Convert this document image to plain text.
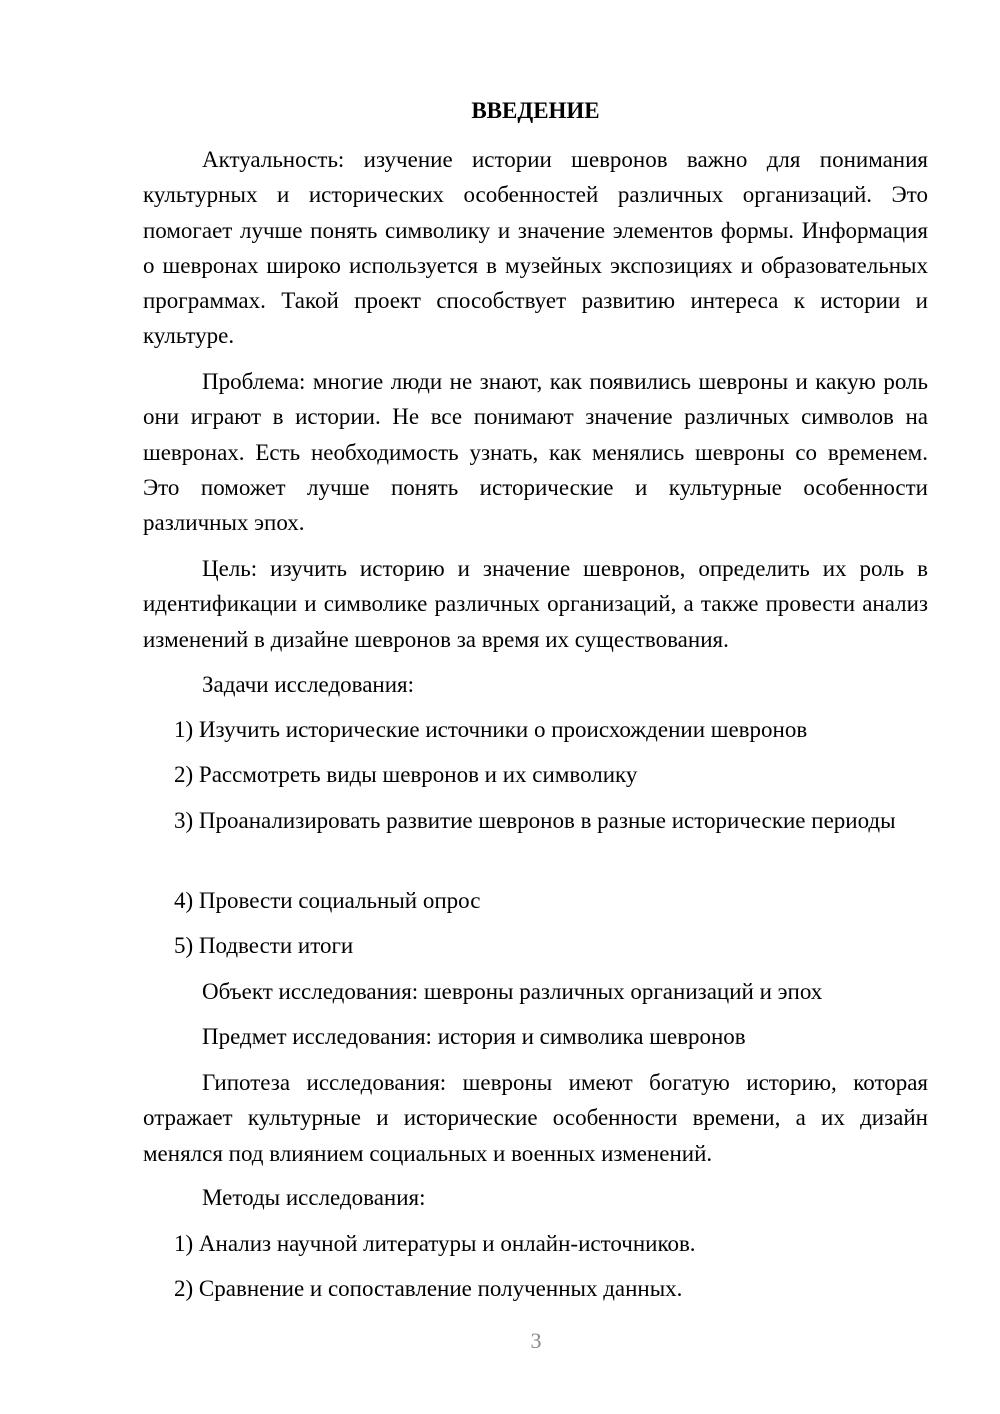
ВВЕДЕНИЕ

Актуальность: изучение истории шевронов важно для понимания культурных и исторических особенностей различных организаций. Это помогает лучше понять символику и значение элементов формы. Информация о шевронах широко используется в музейных экспозициях и образовательных программах. Такой проект способствует развитию интереса к истории и культуре.

Проблема: многие люди не знают, как появились шевроны и какую роль они играют в истории. Не все понимают значение различных символов на шевронах. Есть необходимость узнать, как менялись шевроны со временем. Это поможет лучше понять исторические и культурные особенности различных эпох.

Цель: изучить историю и значение шевронов, определить их роль в идентификации и символике различных организаций, а также провести анализ изменений в дизайне шевронов за время их существования.

Задачи исследования:

1) Изучить исторические источники о происхождении шевронов

2) Рассмотреть виды шевронов и их символику

3) Проанализировать развитие шевронов в разные исторические периоды

4) Провести социальный опрос

5) Подвести итоги

Объект исследования: шевроны различных организаций и эпох

Предмет исследования: история и символика шевронов

Гипотеза исследования: шевроны имеют богатую историю, которая отражает культурные и исторические особенности времени, а их дизайн менялся под влиянием социальных и военных изменений.

Методы исследования:

1) Анализ научной литературы и онлайн-источников.

2) Сравнение и сопоставление полученных данных.

3
